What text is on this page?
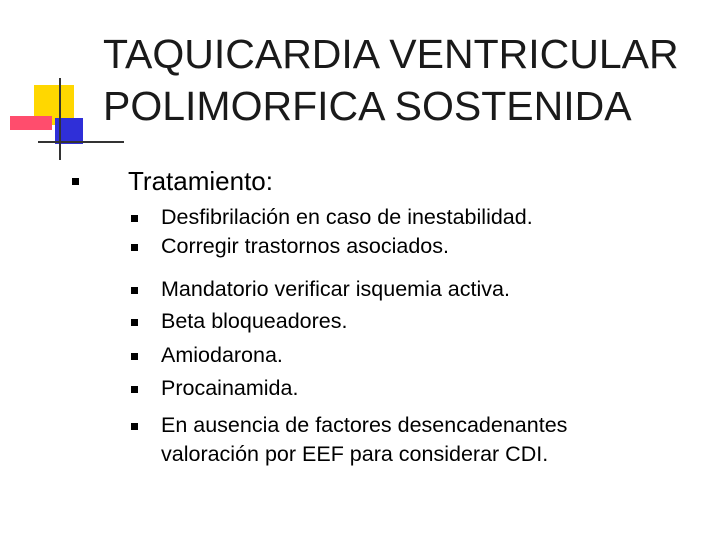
TAQUICARDIA VENTRICULAR
POLIMORFICA SOSTENIDA
Tratamiento:
Desfibrilación en caso de inestabilidad.
Corregir trastornos asociados.
Mandatorio verificar isquemia activa.
Beta bloqueadores.
Amiodarona.
Procainamida.
En ausencia de factores desencadenantes
valoración por EEF para considerar CDI.
